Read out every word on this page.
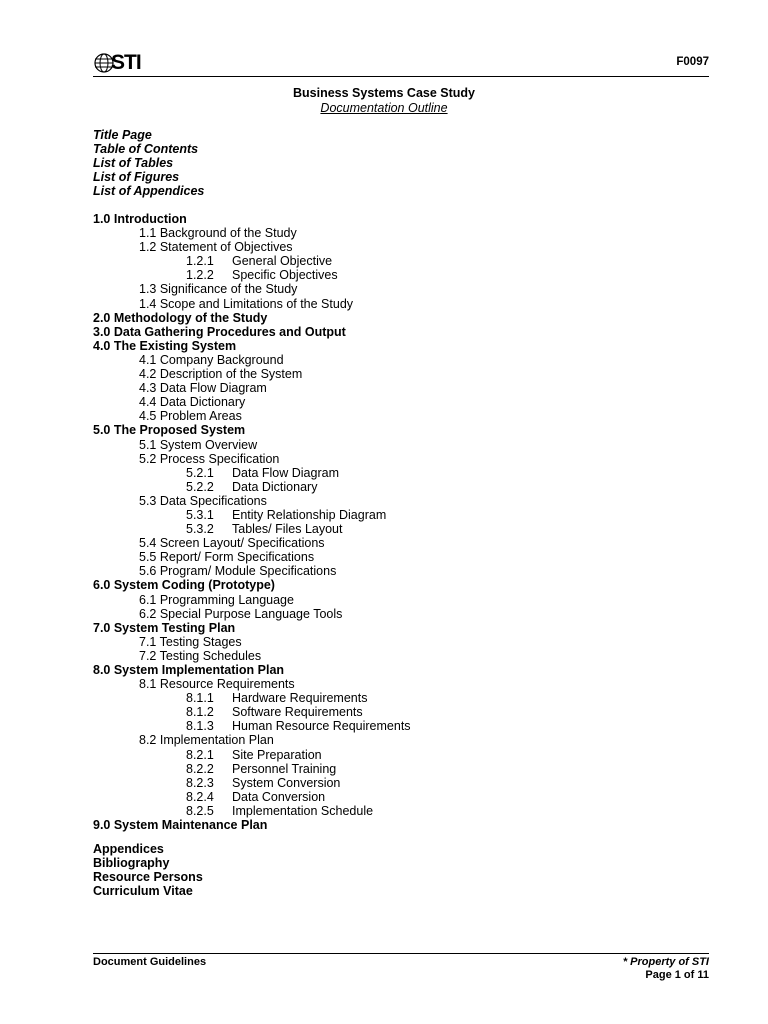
STI	F0097
Business Systems Case Study
Documentation Outline
Title Page
Table of Contents
List of Tables
List of Figures
List of Appendices
1.0 Introduction
1.1 Background of the Study
1.2 Statement of Objectives
1.2.1 General Objective
1.2.2 Specific Objectives
1.3 Significance of the Study
1.4 Scope and Limitations of the Study
2.0 Methodology of the Study
3.0 Data Gathering Procedures and Output
4.0 The Existing System
4.1 Company Background
4.2 Description of the System
4.3 Data Flow Diagram
4.4 Data Dictionary
4.5 Problem Areas
5.0 The Proposed System
5.1 System Overview
5.2 Process Specification
5.2.1 Data Flow Diagram
5.2.2 Data Dictionary
5.3 Data Specifications
5.3.1 Entity Relationship Diagram
5.3.2 Tables/ Files Layout
5.4 Screen Layout/ Specifications
5.5 Report/ Form Specifications
5.6 Program/ Module Specifications
6.0 System Coding (Prototype)
6.1 Programming Language
6.2 Special Purpose Language Tools
7.0 System Testing Plan
7.1 Testing Stages
7.2 Testing Schedules
8.0 System Implementation Plan
8.1 Resource Requirements
8.1.1 Hardware Requirements
8.1.2 Software Requirements
8.1.3 Human Resource Requirements
8.2 Implementation Plan
8.2.1 Site Preparation
8.2.2 Personnel Training
8.2.3 System Conversion
8.2.4 Data Conversion
8.2.5 Implementation Schedule
9.0 System Maintenance Plan
Appendices
Bibliography
Resource Persons
Curriculum Vitae
Document Guidelines	* Property of STI
Page 1 of 11
